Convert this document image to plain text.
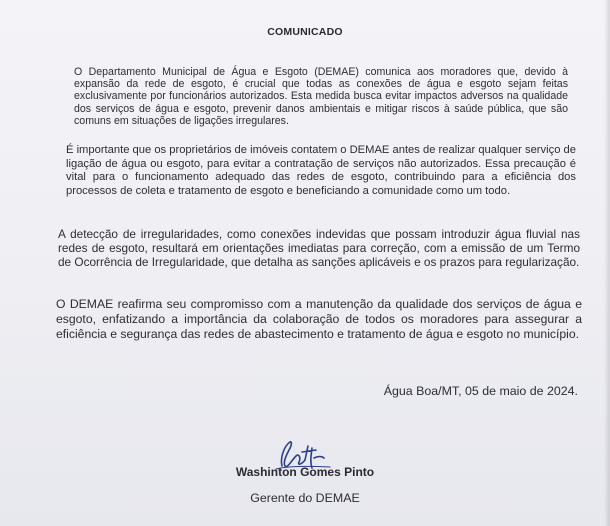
COMUNICADO

O Departamento Municipal de Água e Esgoto (DEMAE) comunica aos moradores que, devido à expansão da rede de esgoto, é crucial que todas as conexões de água e esgoto sejam feitas exclusivamente por funcionários autorizados. Esta medida busca evitar impactos adversos na qualidade dos serviços de água e esgoto, prevenir danos ambientais e mitigar riscos à saúde pública, que são comuns em situações de ligações irregulares.

É importante que os proprietários de imóveis contatem o DEMAE antes de realizar qualquer serviço de ligação de água ou esgoto, para evitar a contratação de serviços não autorizados. Essa precaução é vital para o funcionamento adequado das redes de esgoto, contribuindo para a eficiência dos processos de coleta e tratamento de esgoto e beneficiando a comunidade como um todo.

A detecção de irregularidades, como conexões indevidas que possam introduzir água fluvial nas redes de esgoto, resultará em orientações imediatas para correção, com a emissão de um Termo de Ocorrência de Irregularidade, que detalha as sanções aplicáveis e os prazos para regularização.

O DEMAE reafirma seu compromisso com a manutenção da qualidade dos serviços de água e esgoto, enfatizando a importância da colaboração de todos os moradores para assegurar a eficiência e segurança das redes de abastecimento e tratamento de água e esgoto no município.

Água Boa/MT, 05 de maio de 2024.
Washinton Gomes Pinto
Gerente do DEMAE
